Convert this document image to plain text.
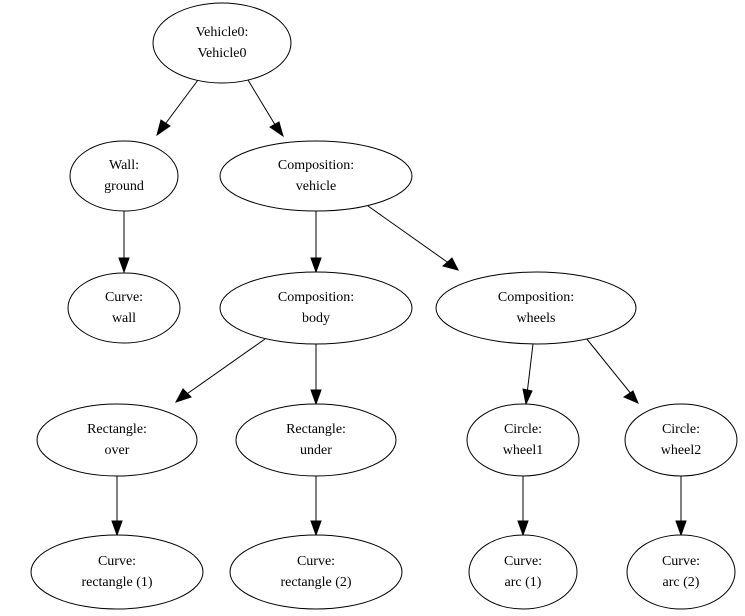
Vehicle0:
Vehicle0
Wall:
ground
Composition:
vehicle
Curve:
wall
Composition:
body
Composition:
wheels
Rectangle:
over
Rectangle:
under
Circle:
wheel1
Circle:
wheel2
Curve:
rectangle (1)
Curve:
rectangle (2)
Curve:
arc (1)
Curve:
arc (2)
